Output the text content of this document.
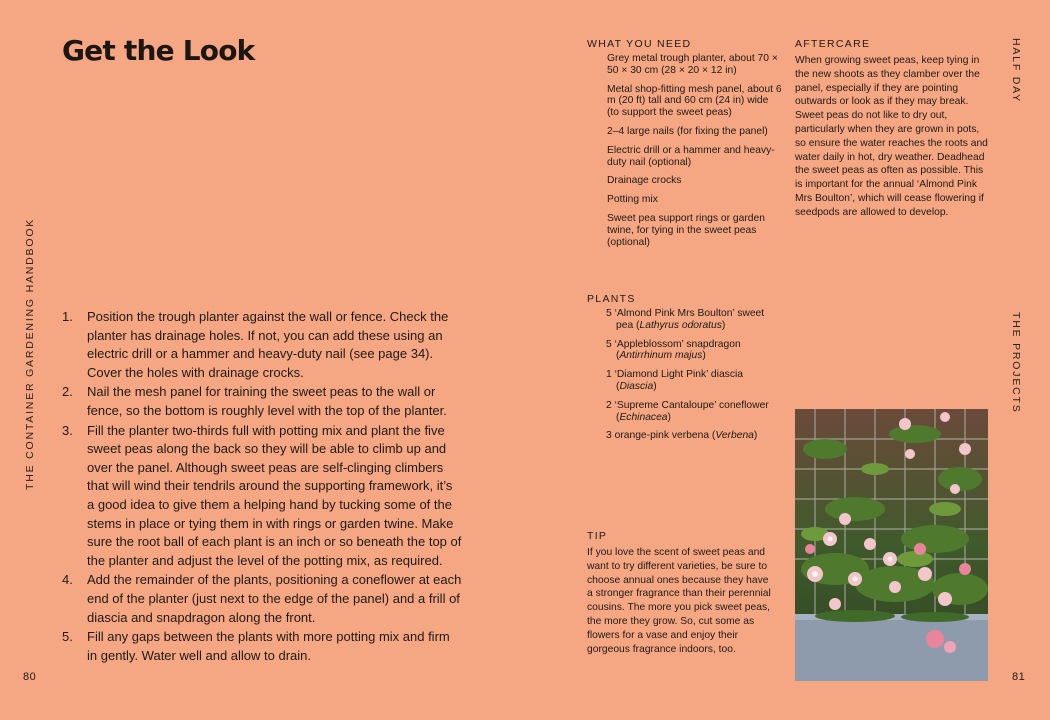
THE CONTAINER GARDENING HANDBOOK
Get the Look
1. Position the trough planter against the wall or fence. Check the planter has drainage holes. If not, you can add these using an electric drill or a hammer and heavy-duty nail (see page 34). Cover the holes with drainage crocks.
2. Nail the mesh panel for training the sweet peas to the wall or fence, so the bottom is roughly level with the top of the planter.
3. Fill the planter two-thirds full with potting mix and plant the five sweet peas along the back so they will be able to climb up and over the panel. Although sweet peas are self-clinging climbers that will wind their tendrils around the supporting framework, it’s a good idea to give them a helping hand by tucking some of the stems in place or tying them in with rings or garden twine. Make sure the root ball of each plant is an inch or so beneath the top of the planter and adjust the level of the potting mix, as required.
4. Add the remainder of the plants, positioning a coneflower at each end of the planter (just next to the edge of the panel) and a frill of diascia and snapdragon along the front.
5. Fill any gaps between the plants with more potting mix and firm in gently. Water well and allow to drain.
80
WHAT YOU NEED
Grey metal trough planter, about 70 × 50 × 30 cm (28 × 20 × 12 in)
Metal shop-fitting mesh panel, about 6 m (20 ft) tall and 60 cm (24 in) wide (to support the sweet peas)
2–4 large nails (for fixing the panel)
Electric drill or a hammer and heavy-duty nail (optional)
Drainage crocks
Potting mix
Sweet pea support rings or garden twine, for tying in the sweet peas (optional)
PLANTS
5 ‘Almond Pink Mrs Boulton’ sweet pea (Lathyrus odoratus)
5 ‘Appleblossom’ snapdragon (Antirrhinum majus)
1 ‘Diamond Light Pink’ diascia (Diascia)
2 ‘Supreme Cantaloupe’ coneflower (Echinacea)
3 orange-pink verbena (Verbena)
TIP

If you love the scent of sweet peas and want to try different varieties, be sure to choose annual ones because they have a stronger fragrance than their perennial cousins. The more you pick sweet peas, the more they grow. So, cut some as flowers for a vase and enjoy their gorgeous fragrance indoors, too.

AFTERCARE

When growing sweet peas, keep tying in the new shoots as they clamber over the panel, especially if they are pointing outwards or look as if they may break. Sweet peas do not like to dry out, particularly when they are grown in pots, so ensure the water reaches the roots and water daily in hot, dry weather. Deadhead the sweet peas as often as possible. This is important for the annual ‘Almond Pink Mrs Boulton’, which will cease flowering if seedpods are allowed to develop.

HALF DAY
THE PROJECTS
81
